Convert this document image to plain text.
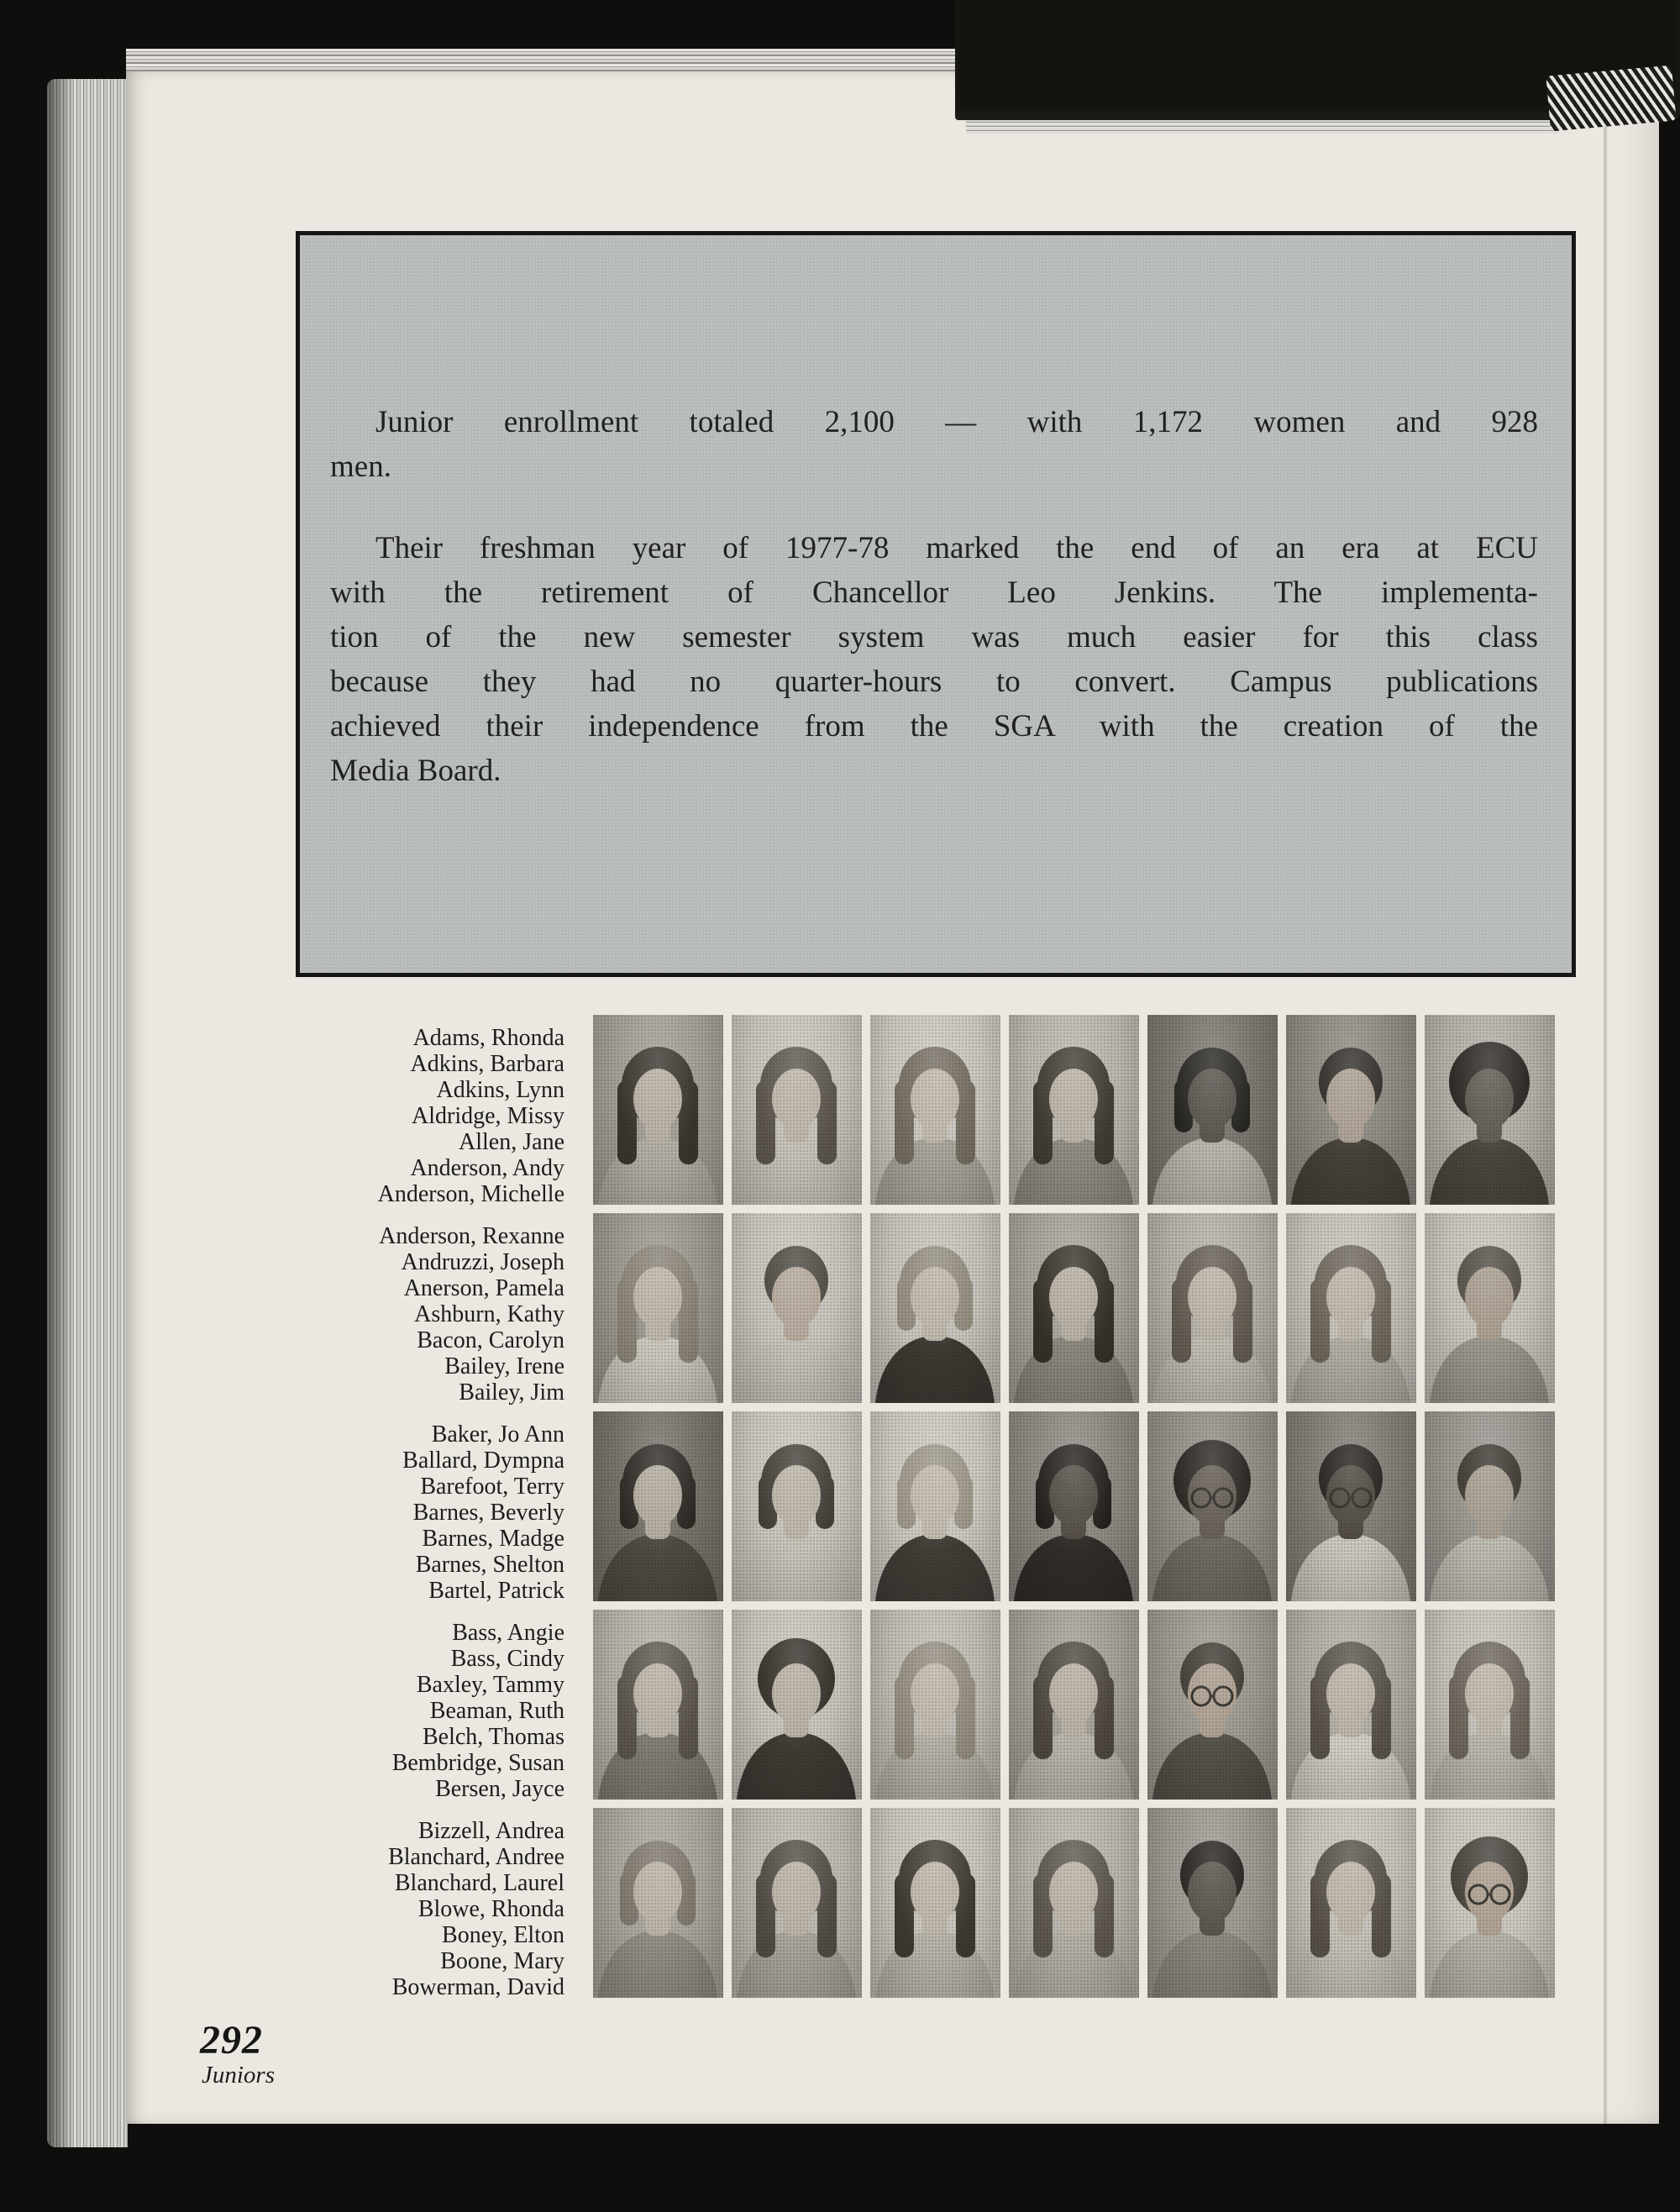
Junior enrollment totaled 2,100 — with 1,172 women and 928
men.
Their freshman year of 1977-78 marked the end of an era at ECU
with the retirement of Chancellor Leo Jenkins. The implementa-
tion of the new semester system was much easier for this class
because they had no quarter-hours to convert. Campus publications
achieved their independence from the SGA with the creation of the
Media Board.
Adams, Rhonda
Adkins, Barbara
Adkins, Lynn
Aldridge, Missy
Allen, Jane
Anderson, Andy
Anderson, Michelle
Anderson, Rexanne
Andruzzi, Joseph
Anerson, Pamela
Ashburn, Kathy
Bacon, Carolyn
Bailey, Irene
Bailey, Jim
Baker, Jo Ann
Ballard, Dympna
Barefoot, Terry
Barnes, Beverly
Barnes, Madge
Barnes, Shelton
Bartel, Patrick
Bass, Angie
Bass, Cindy
Baxley, Tammy
Beaman, Ruth
Belch, Thomas
Bembridge, Susan
Bersen, Jayce
Bizzell, Andrea
Blanchard, Andree
Blanchard, Laurel
Blowe, Rhonda
Boney, Elton
Boone, Mary
Bowerman, David
292
Juniors
